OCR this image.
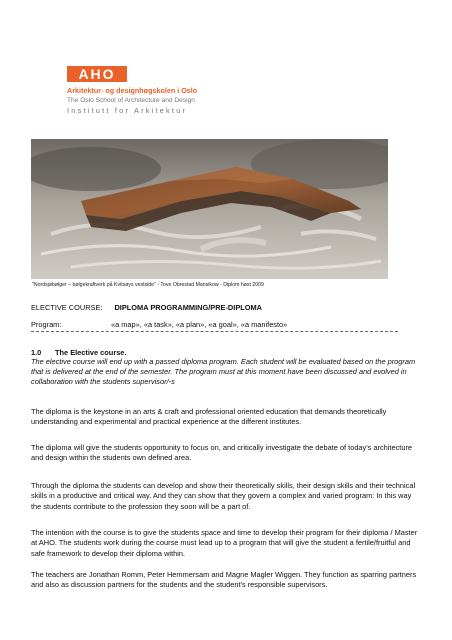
AHO
Arkitektur- og designhøgskolen i Oslo
The Oslo School of Architecture and Design
Institutt for Arkitektur
"Nordsjøbølger – bølgekraftverk på Kvitsøys vestside" - Tove Obrestad Mansikow - Diplom høst 2009
ELECTIVE COURSE: DIPLOMA PROGRAMMING/PRE-DIPLOMA
Program:	«a map», «a task», «a plan», «a goal», «a manifesto»
1.0 The Elective course.
The elective course will end up with a passed diploma program. Each student will be evaluated based on the program that is delivered at the end of the semester. The program must at this moment have been discussed and evolved in collaboration with the students supervisor/-s
The diploma is the keystone in an arts & craft and professional oriented education that demands theoretically understanding and experimental and practical experience at the different institutes.
The diploma will give the students opportunity to focus on, and critically investigate the debate of today's architecture and design within the students own defined area.
Through the diploma the students can develop and show their theoretically skills, their design skills and their technical skills in a productive and critical way. And they can show that they govern a complex and varied program: In this way the students contribute to the profession they soon will be a part of.
The intention with the course is to give the students space and time to develop their program for their diploma / Master at AHO. The students work during the course must lead up to a program that will give the student a fertile/fruitful and safe framework to develop their diploma within.
The teachers are Jonathan Romm, Peter Hemmersam and Magne Magler Wiggen. They function as sparring partners and also as discussion partners for the students and the student's responsible supervisors.
